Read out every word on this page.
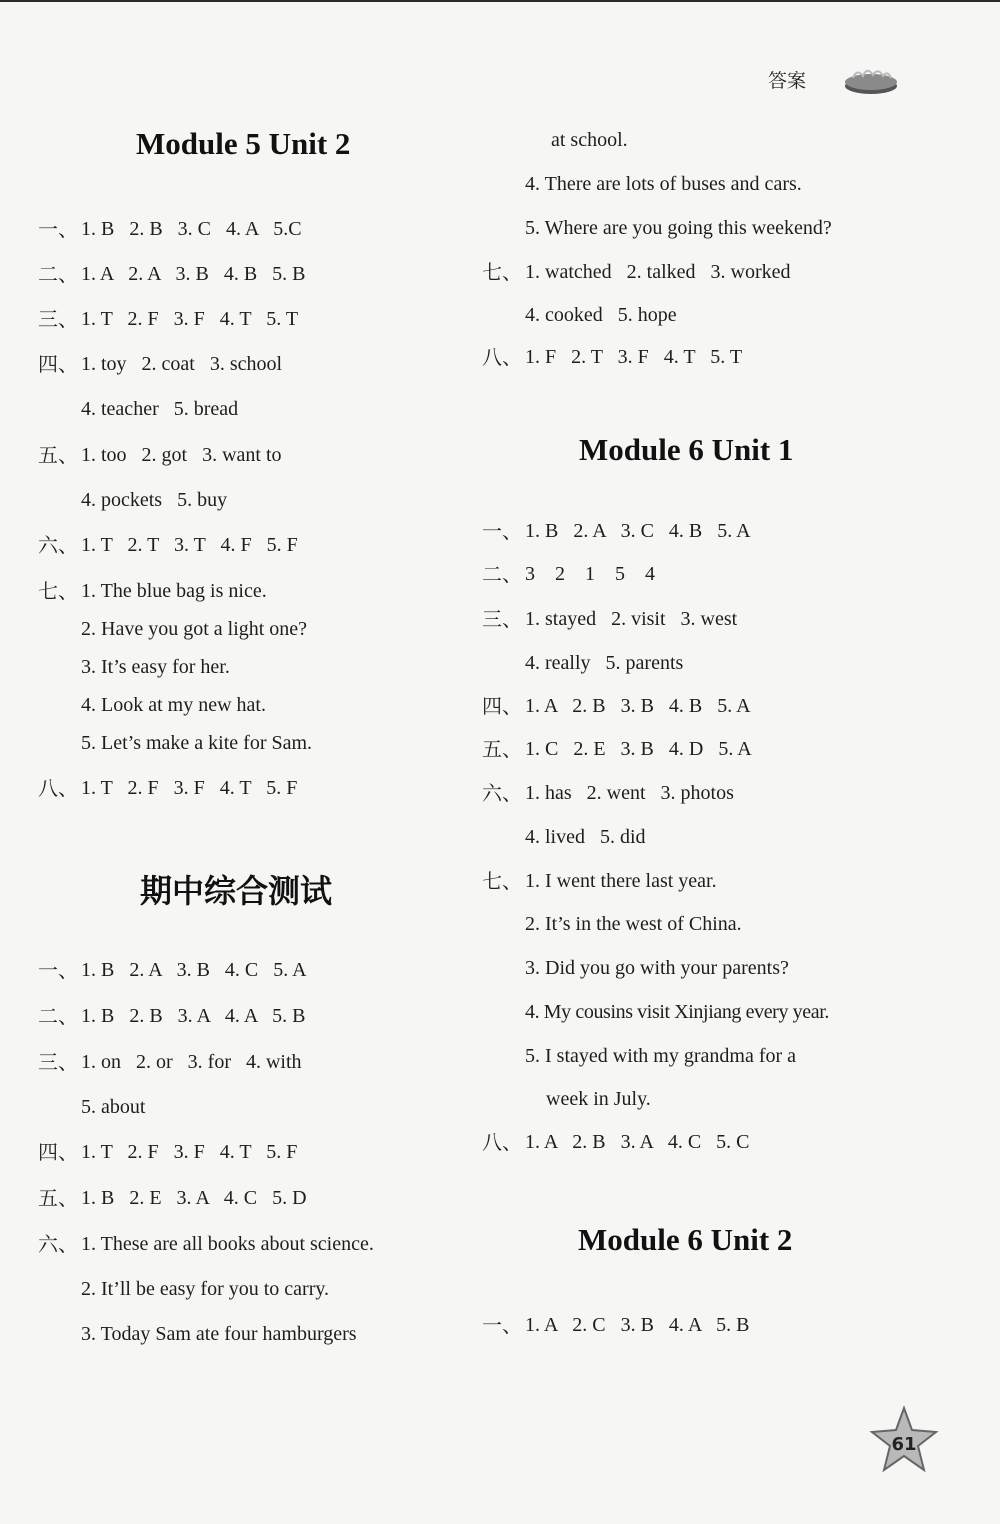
答案
Module 5 Unit 2
一、 1. B   2. B   3. C   4. A   5.C
二、 1. A   2. A   3. B   4. B   5. B
三、 1. T   2. F   3. F   4. T   5. T
四、 1. toy   2. coat   3. school
4. teacher   5. bread
五、 1. too   2. got   3. want to
4. pockets   5. buy
六、 1. T   2. T   3. T   4. F   5. F
七、 1. The blue bag is nice.
2. Have you got a light one?
3. It’s easy for her.
4. Look at my new hat.
5. Let’s make a kite for Sam.
八、 1. T   2. F   3. F   4. T   5. F
期中综合测试
一、 1. B   2. A   3. B   4. C   5. A
二、 1. B   2. B   3. A   4. A   5. B
三、 1. on   2. or   3. for   4. with
5. about
四、 1. T   2. F   3. F   4. T   5. F
五、 1. B   2. E   3. A   4. C   5. D
六、 1. These are all books about science.
2. It’ll be easy for you to carry.
3. Today Sam ate four hamburgers
at school.
4. There are lots of buses and cars.
5. Where are you going this weekend?
七、 1. watched   2. talked   3. worked
4. cooked   5. hope
八、 1. F   2. T   3. F   4. T   5. T
Module 6 Unit 1
一、 1. B   2. A   3. C   4. B   5. A
二、 3    2    1    5    4
三、 1. stayed   2. visit   3. west
4. really   5. parents
四、 1. A   2. B   3. B   4. B   5. A
五、 1. C   2. E   3. B   4. D   5. A
六、 1. has   2. went   3. photos
4. lived   5. did
七、 1. I went there last year.
2. It’s in the west of China.
3. Did you go with your parents?
4. My cousins visit Xinjiang every year.
5. I stayed with my grandma for a
week in July.
八、 1. A   2. B   3. A   4. C   5. C
Module 6 Unit 2
一、 1. A   2. C   3. B   4. A   5. B
61
